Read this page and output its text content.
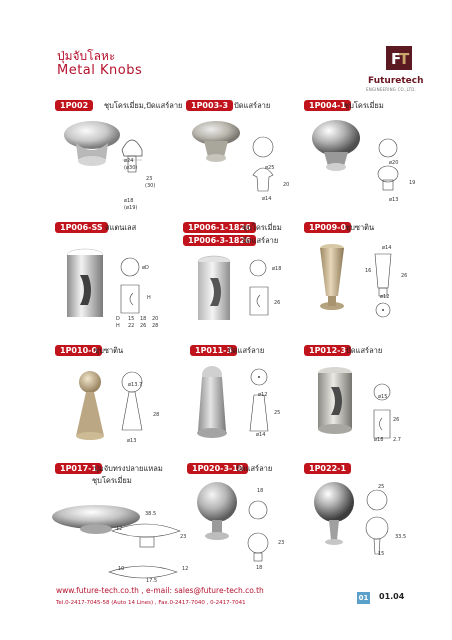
ปุ่มจับโลหะ
Metal Knobs
F
T
Futuretech
ENGINEERING CO.,LTD.
1P002	ชุบโครเมี่ยม,ปัดแสร์ลาย
ø24
(ø30)
23
(30)
ø18
(ø19)
1P003-3 ปัดแสร์ลาย
ø25
20
ø14
1P004-1
ชุบโครเมี่ยม
ø20
19
ø13
1P006-SS สแตนเลส
øD
H
D 15 18 20
H 22 26 28
1P006-1-1826
ชุบโครเมี่ยม
1P006-3-1826
ปัดแสร์ลาย
ø18
26
1P009-0
ชุบซาติน
ø14
16
26
ø12
1P010-0
ชุบซาติน
ø13.7
28
ø13
1P011-3
ปัดแสร์ลาย
ø12
25
ø14
1P012-3 ปัดแสร์ลาย
ø15
26
ø18 2.7
1P017-1
ปุ่มจับทรงปลายแหลม
ชุบโครเมี่ยม
38.5
12
23
10	12
17.5
1P020-3-18
ปัดแสร์ลาย
18
23
18
1P022-1
25
33.5
15
www.future-tech.co.th , e-mail: sales@future-tech.co.th
Tel.0-2417-7045-58 (Auto 14 Lines) , Fax.0-2417-7040 , 0-2417-7041
01 01.04
